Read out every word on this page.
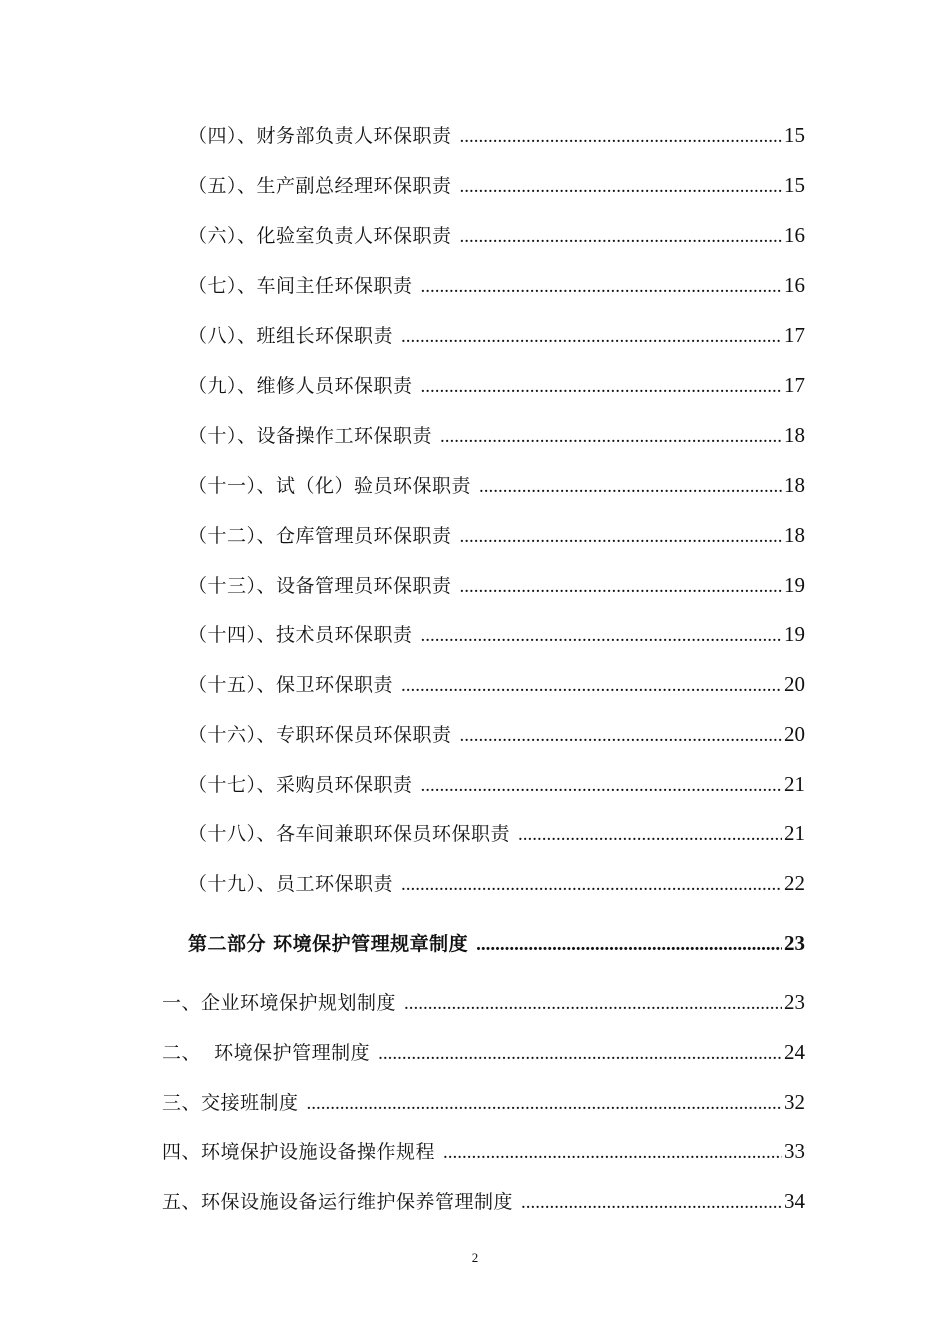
（四）、财务部负责人环保职责 .....	15
（五）、生产副总经理环保职责 .....	15
（六）、化验室负责人环保职责 .....	16
（七）、车间主任环保职责 .....	16
（八）、班组长环保职责 .....	17
（九）、维修人员环保职责 .....	17
（十）、设备操作工环保职责 .....	18
（十一）、试（化）验员环保职责 .....	18
（十二）、仓库管理员环保职责 .....	18
（十三）、设备管理员环保职责 .....	19
（十四）、技术员环保职责 .....	19
（十五）、保卫环保职责 .....	20
（十六）、专职环保员环保职责 .....	20
（十七）、采购员环保职责 .....	21
（十八）、各车间兼职环保员环保职责 .....	21
（十九）、员工环保职责 .....	22
第二部分 环境保护管理规章制度 .....	23
一、企业环境保护规划制度 .....	23
二、  环境保护管理制度 .....	24
三、交接班制度 .....	32
四、环境保护设施设备操作规程 .....	33
五、环保设施设备运行维护保养管理制度 .....	34
2
